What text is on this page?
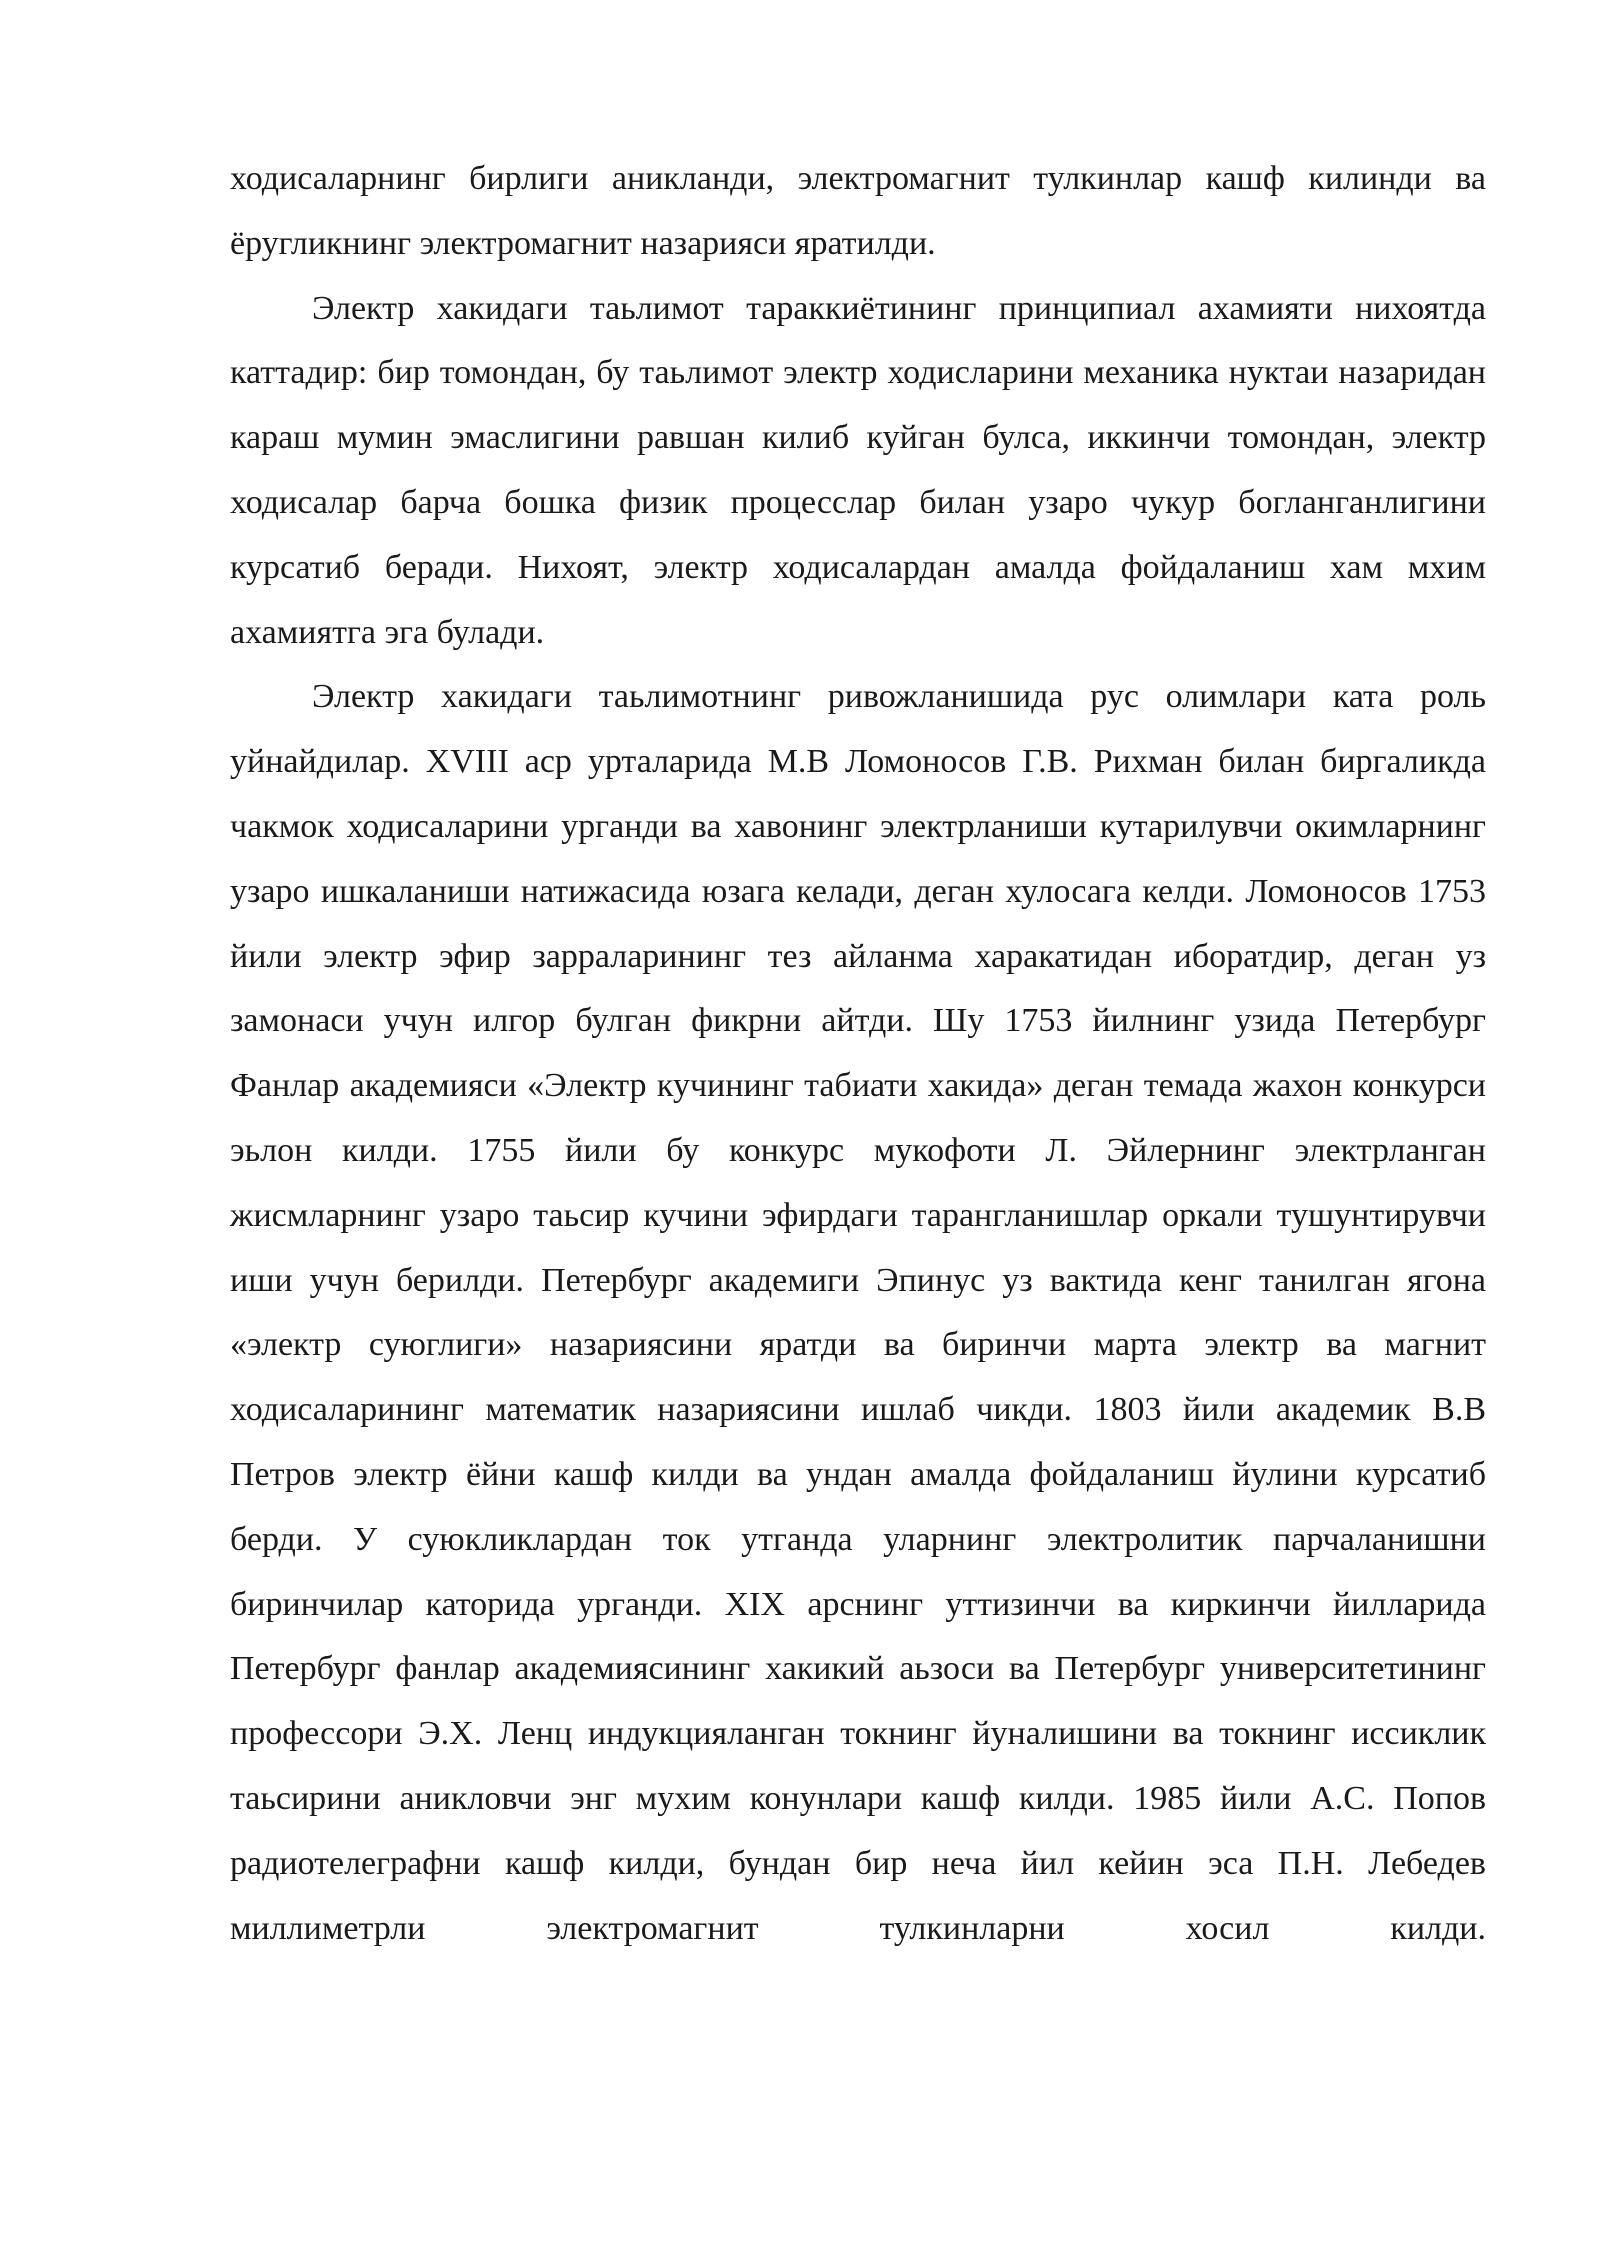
ходисаларнинг бирлиги аникланди, электромагнит тулкинлар кашф килинди ва ёругликнинг электромагнит назарияси яратилди.

Электр хакидаги таьлимот тараккиётининг принципиал ахамияти нихоятда каттадир: бир томондан, бу таьлимот электр ходисларини механика нуктаи назаридан караш мумин эмаслигини равшан килиб куйган булса, иккинчи томондан, электр ходисалар барча бошка физик процесслар билан узаро чукур богланганлигини курсатиб беради. Нихоят, электр ходисалардан амалда фойдаланиш хам мхим ахамиятга эга булади.

Электр хакидаги таьлимотнинг ривожланишида рус олимлари ката роль уйнайдилар. XVIII аср урталарида М.В Ломоносов Г.В. Рихман билан биргаликда чакмок ходисаларини урганди ва хавонинг электрланиши кутарилувчи окимларнинг узаро ишкаланиши натижасида юзага келади, деган хулосага келди. Ломоносов 1753 йили электр эфир зарраларининг тез айланма харакатидан иборатдир, деган уз замонаси учун илгор булган фикрни айтди. Шу 1753 йилнинг узида Петербург Фанлар академияси «Электр кучининг табиати хакида» деган темада жахон конкурси эьлон килди. 1755 йили бу конкурс мукофоти Л. Эйлернинг электрланган жисмларнинг узаро таьсир кучини эфирдаги тарангланишлар оркали тушунтирувчи иши учун берилди. Петербург академиги Эпинус уз вактида кенг танилган ягона «электр суюглиги» назариясини яратди ва биринчи марта электр ва магнит ходисаларининг математик назариясини ишлаб чикди. 1803 йили академик В.В Петров электр ёйни кашф килди ва ундан амалда фойдаланиш йулини курсатиб берди. У суюкликлардан ток утганда уларнинг электролитик парчаланишни биринчилар каторида урганди. XIX арснинг уттизинчи ва киркинчи йилларида Петербург фанлар академиясининг хакикий аьзоси ва Петербург университетининг профессори Э.Х. Ленц индукцияланган токнинг йуналишини ва токнинг иссиклик таьсирини аникловчи энг мухим конунлари кашф килди. 1985 йили А.С. Попов радиотелеграфни кашф килди, бундан бир неча йил кейин эса П.Н. Лебедев миллиметрли электромагнит тулкинларни хосил килди.
